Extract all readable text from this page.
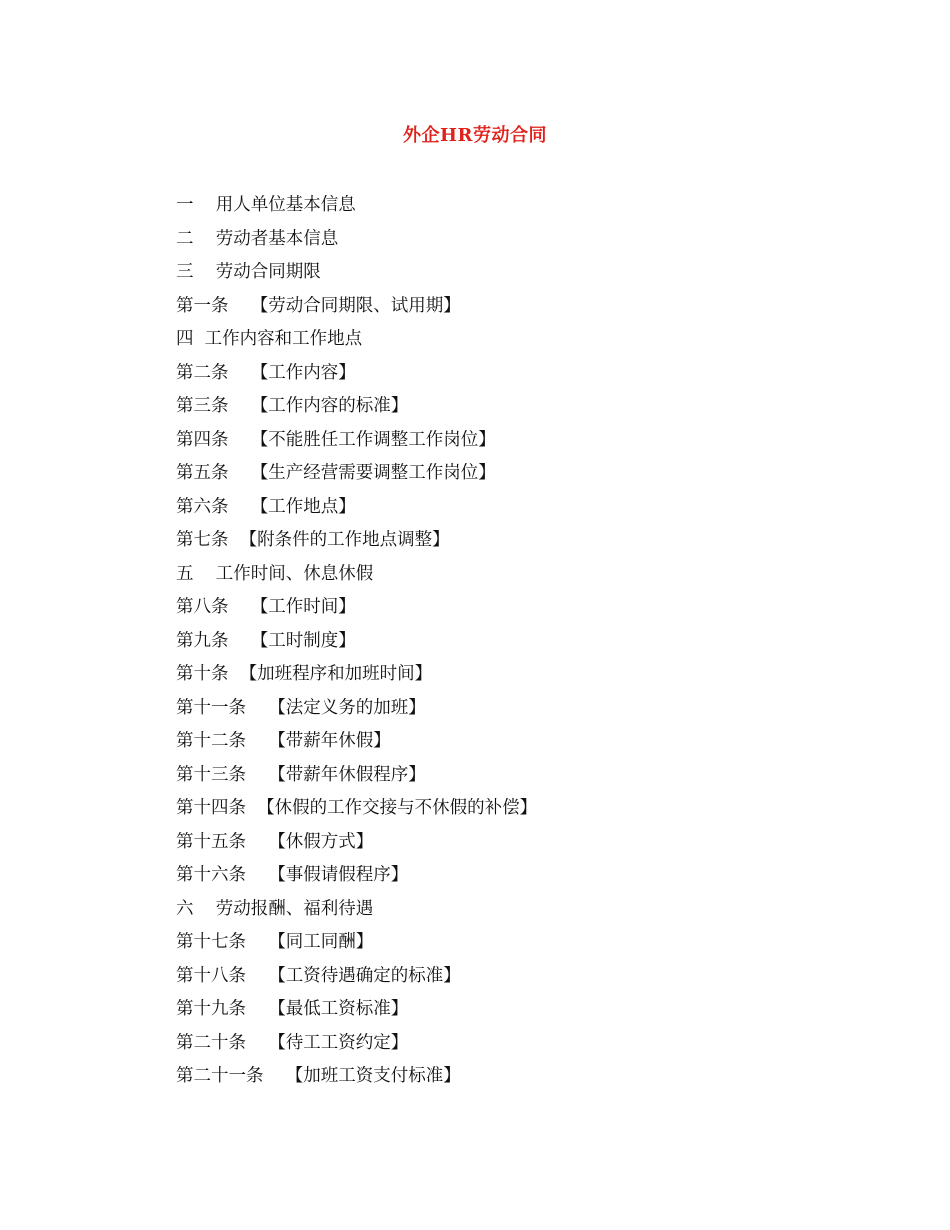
外企HR劳动合同
一    用人单位基本信息
二    劳动者基本信息
三    劳动合同期限
第一条    【劳动合同期限、试用期】
四  工作内容和工作地点
第二条    【工作内容】
第三条    【工作内容的标准】
第四条    【不能胜任工作调整工作岗位】
第五条    【生产经营需要调整工作岗位】
第六条    【工作地点】
第七条  【附条件的工作地点调整】
五    工作时间、休息休假
第八条    【工作时间】
第九条    【工时制度】
第十条  【加班程序和加班时间】
第十一条    【法定义务的加班】
第十二条    【带薪年休假】
第十三条    【带薪年休假程序】
第十四条  【休假的工作交接与不休假的补偿】
第十五条    【休假方式】
第十六条    【事假请假程序】
六    劳动报酬、福利待遇
第十七条    【同工同酬】
第十八条    【工资待遇确定的标准】
第十九条    【最低工资标准】
第二十条    【待工工资约定】
第二十一条    【加班工资支付标准】
